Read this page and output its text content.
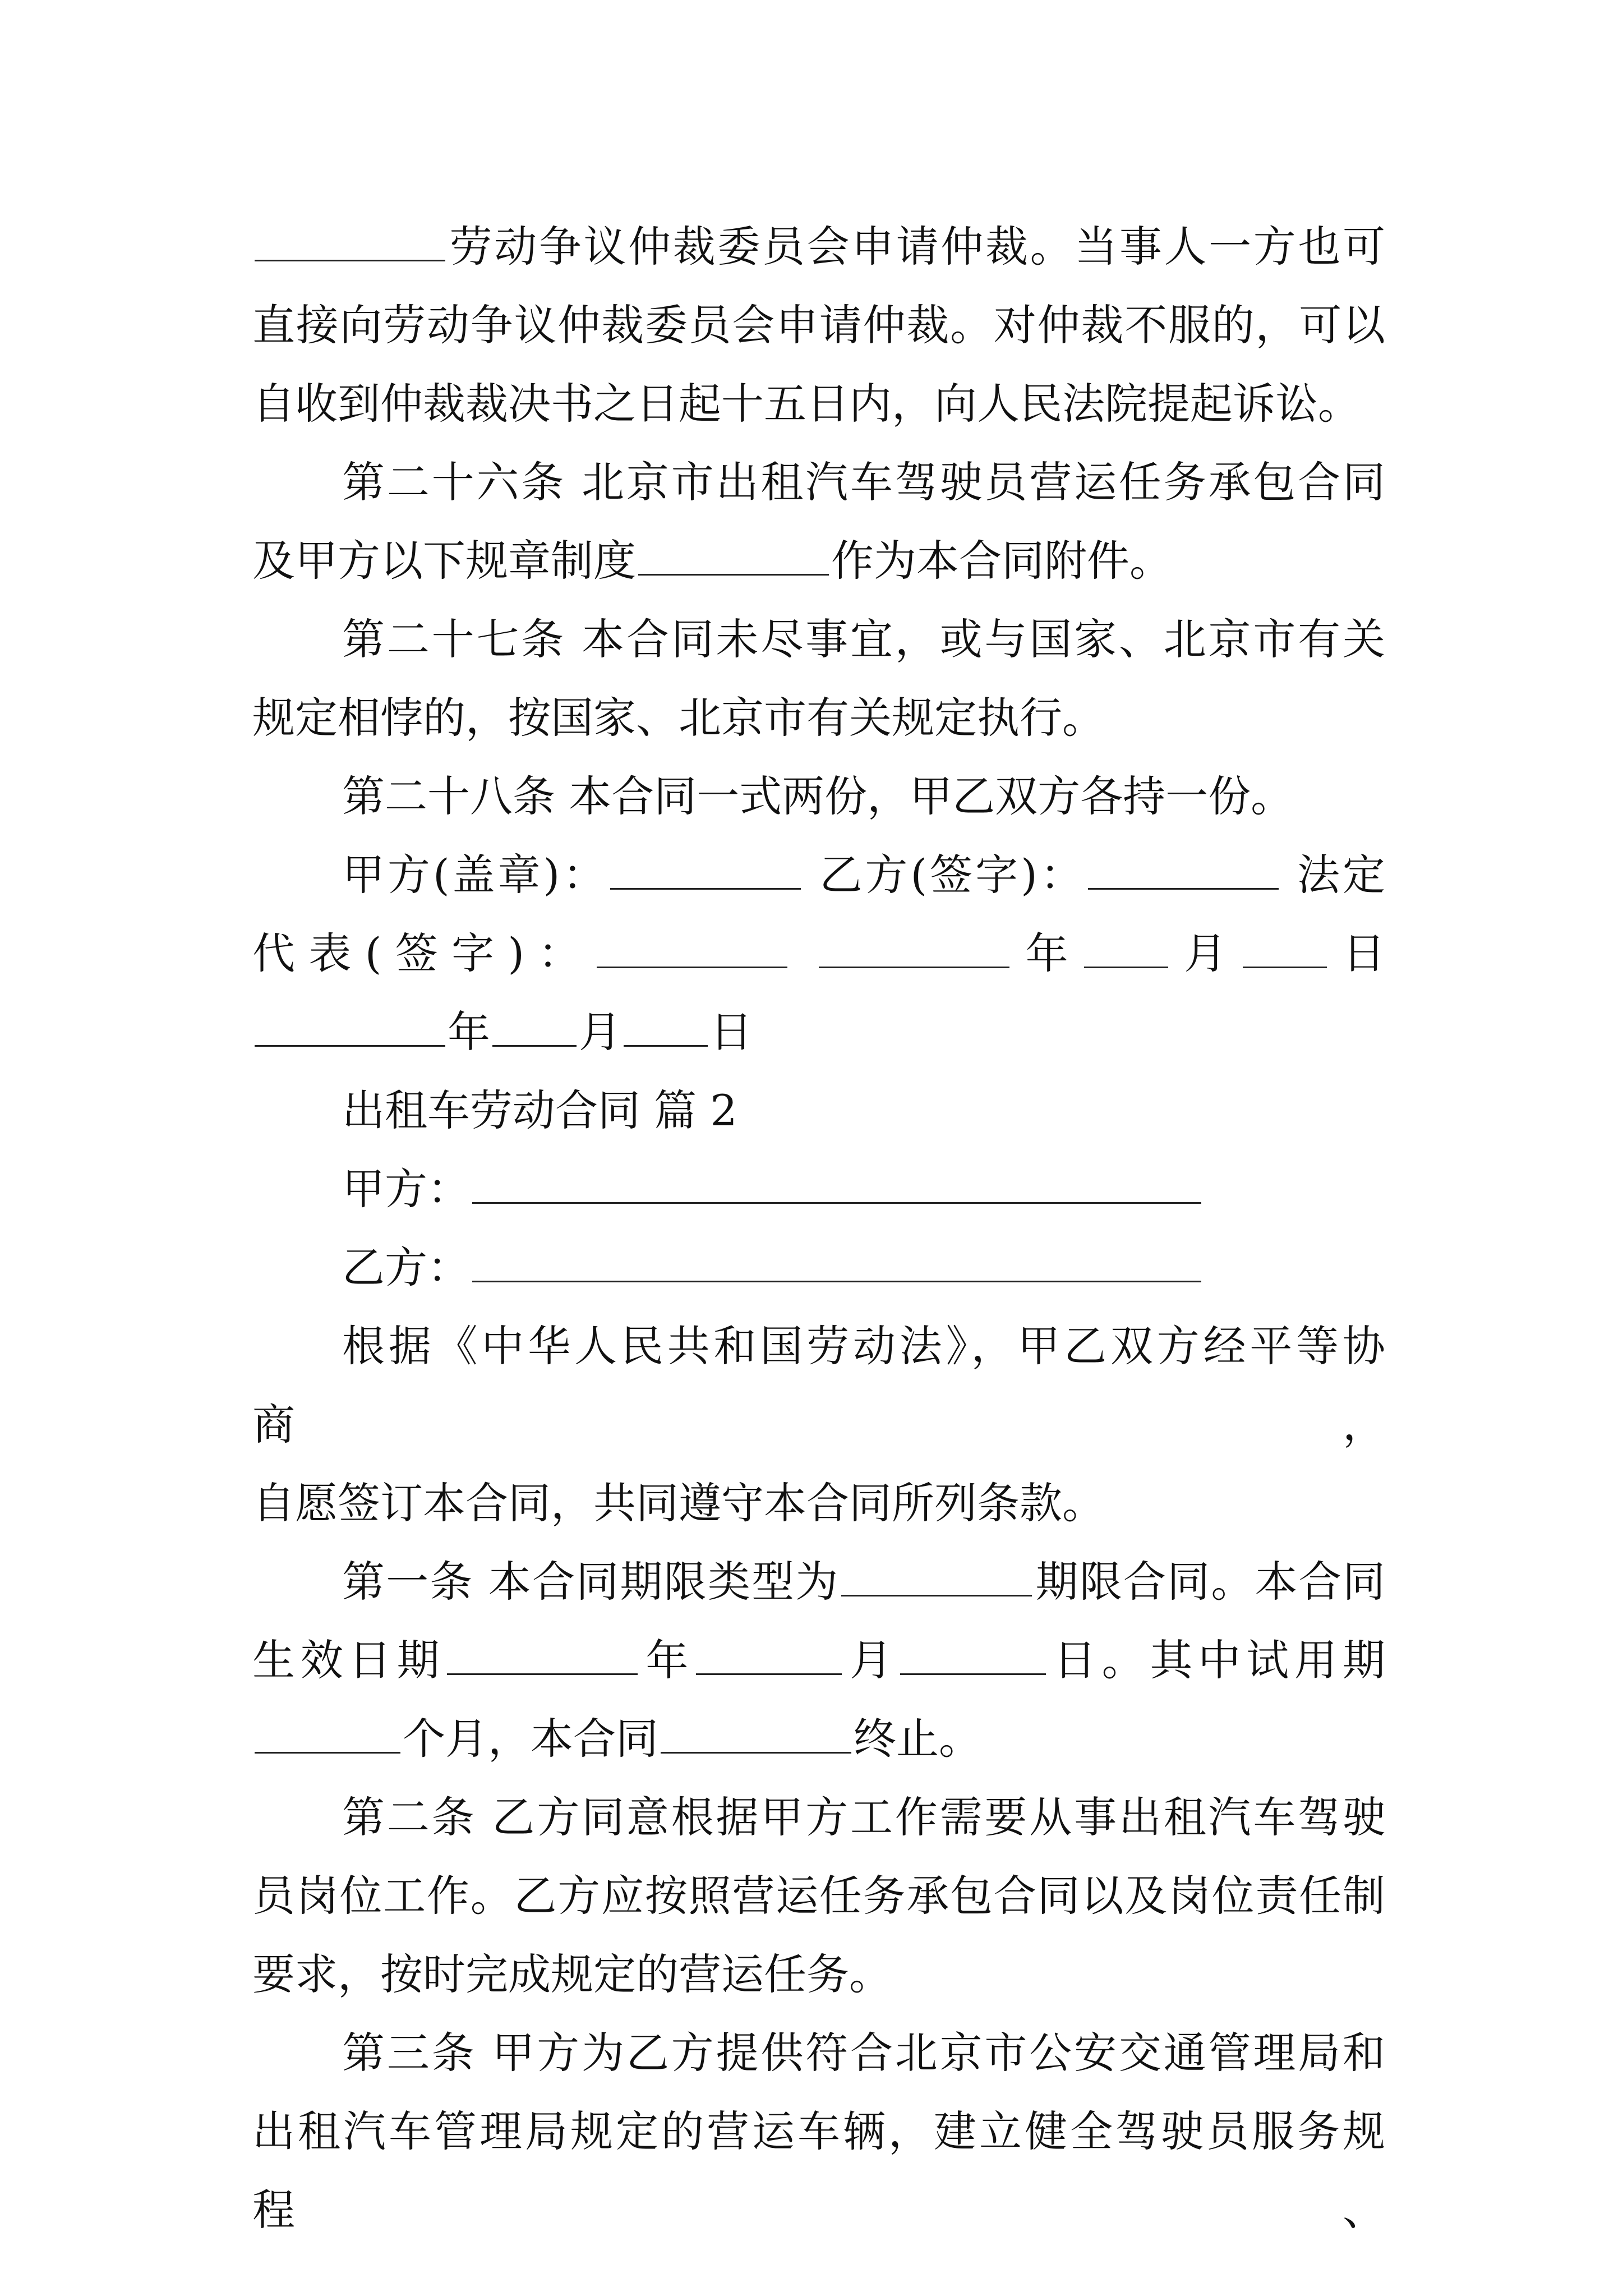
劳动争议仲裁委员会申请仲裁。当事人一方也可

直接向劳动争议仲裁委员会申请仲裁。对仲裁不服的，可以

自收到仲裁裁决书之日起十五日内，向人民法院提起诉讼。

第二十六条 北京市出租汽车驾驶员营运任务承包合同

及甲方以下规章制度	作为本合同附件。

第二十七条 本合同未尽事宜，或与国家、北京市有关

规定相悖的，按国家、北京市有关规定执行。

第二十八条 本合同一式两份，甲乙双方各持一份。

甲方(盖章)：	乙方(签字)：	法定

代表(签字)：	年 月 日

年 月 日

出租车劳动合同 篇 2

甲方：

乙方：

根据《中华人民共和国劳动法》，甲乙双方经平等协商，

自愿签订本合同，共同遵守本合同所列条款。

第一条 本合同期限类型为	期限合同。本合同

生效日期	年	月	日。其中试用期

个月，本合同	终止。

第二条 乙方同意根据甲方工作需要从事出租汽车驾驶

员岗位工作。乙方应按照营运任务承包合同以及岗位责任制

要求，按时完成规定的营运任务。

第三条 甲方为乙方提供符合北京市公安交通管理局和

出租汽车管理局规定的营运车辆，建立健全驾驶员服务规程、
